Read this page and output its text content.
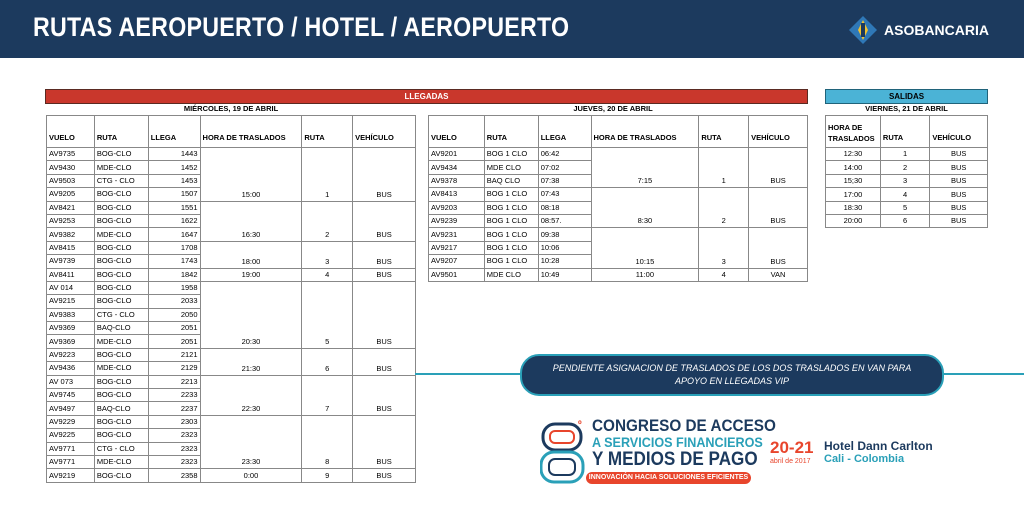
RUTAS AEROPUERTO / HOTEL / AEROPUERTO	ASOBANCARIA
LLEGADAS	SALIDAS
MIÉRCOLES, 19 DE ABRIL	JUEVES, 20 DE ABRIL	VIERNES, 21 DE ABRIL
VUELO	RUTA	LLEGA	HORA DE TRASLADOS	RUTA	VEHÍCULO
AV9735	BOG-CLO	1443	15:00	1	BUS
AV9430	MDE-CLO	1452			
AV9503	CTG - CLO	1453			
AV9205	BOG-CLO	1507			
AV8421	BOG-CLO	1551	16:30	2	BUS
AV9253	BOG-CLO	1622			
AV9382	MDE-CLO	1647			
AV8415	BOG-CLO	1708	18:00	3	BUS
AV9739	BOG-CLO	1743			
AV8411	BOG-CLO	1842	19:00	4	BUS
AV 014	BOG-CLO	1958	20:30	5	BUS
AV9215	BOG-CLO	2033			
AV9383	CTG - CLO	2050			
AV9369	BAQ-CLO	2051			
AV9369	MDE-CLO	2051			
AV9223	BOG-CLO	2121	21:30	6	BUS
AV9436	MDE-CLO	2129			
AV 073	BOG-CLO	2213	22:30	7	BUS
AV9745	BOG-CLO	2233			
AV9497	BAQ-CLO	2237			
AV9229	BOG-CLO	2303	23:30	8	BUS
AV9225	BOG-CLO	2323			
AV9771	CTG - CLO	2323			
AV9771	MDE-CLO	2323			
AV9219	BOG-CLO	2358	0:00	9	BUS
VUELO	RUTA	LLEGA	HORA DE TRASLADOS	RUTA	VEHÍCULO
AV9201	BOG 1 CLO	06:42	7:15	1	BUS
AV9434	MDE CLO	07:02			
AV9378	BAQ CLO	07:38			
AV8413	BOG 1 CLO	07:43	8:30	2	BUS
AV9203	BOG 1 CLO	08:18			
AV9239	BOG 1 CLO	08:57.			
AV9231	BOG 1 CLO	09:38	10:15	3	BUS
AV9217	BOG 1 CLO	10:06			
AV9207	BOG 1 CLO	10:28			
AV9501	MDE CLO	10:49	11:00	4	VAN
HORA DE TRASLADOS	RUTA	VEHÍCULO
12:30	1	BUS

14:00	2	BUS

15;30	3	BUS

17:00	4	BUS

18:30	5	BUS

20:00	6	BUS

PENDIENTE ASIGNACION DE TRASLADOS DE LOS DOS TRASLADOS EN VAN PARA APOYO EN LLEGADAS VIP
º CONGRESO DE ACCESO
A SERVICIOS FINANCIEROS
Y MEDIOS DE PAGO
INNOVACIÓN HACIA SOLUCIONES EFICIENTES
20-21
abril de 2017
Hotel Dann Carlton
Cali - Colombia
